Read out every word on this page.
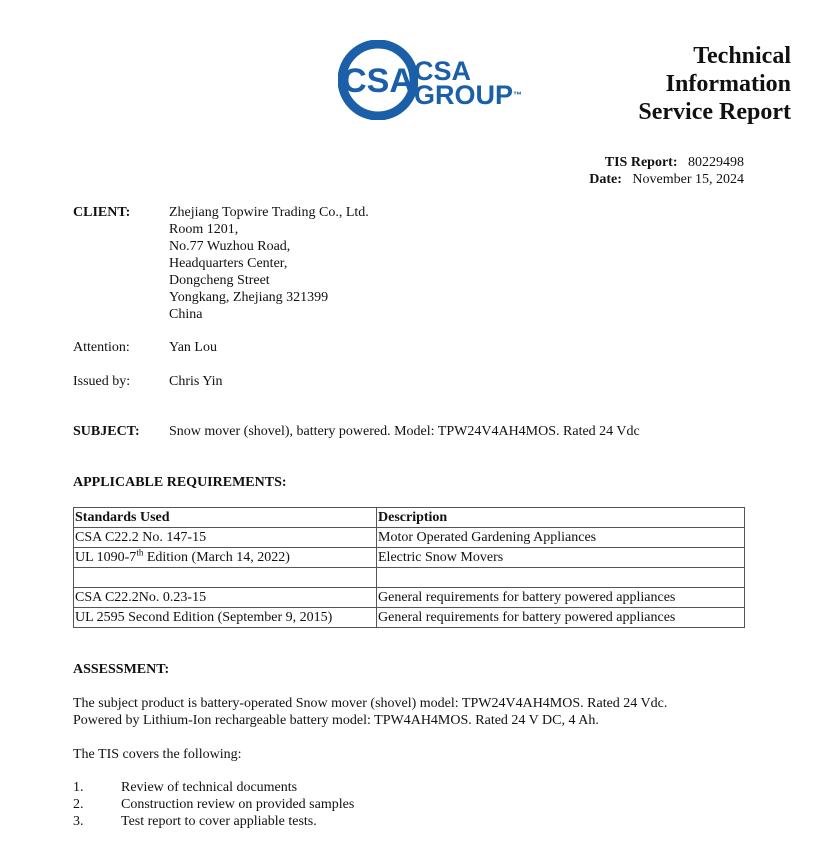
CSA CSA
GROUP™
Technical
Information
Service Report
TIS Report: 80229498
Date: November 15, 2024
CLIENT:	Zhejiang Topwire Trading Co., Ltd.
Room 1201,
No.77 Wuzhou Road,
Headquarters Center,
Dongcheng Street
Yongkang, Zhejiang 321399
China
Attention:	Yan Lou
Issued by:	Chris Yin
SUBJECT: Snow mover (shovel), battery powered. Model: TPW24V4AH4MOS. Rated 24 Vdc
APPLICABLE REQUIREMENTS:
Standards Used	Description
CSA C22.2 No. 147-15	Motor Operated Gardening Appliances
UL 1090-7th Edition (March 14, 2022)	Electric Snow Movers

CSA C22.2No. 0.23-15	General requirements for battery powered appliances
UL 2595 Second Edition (September 9, 2015)	General requirements for battery powered appliances
ASSESSMENT:
The subject product is battery-operated Snow mover (shovel) model: TPW24V4AH4MOS. Rated 24 Vdc.
Powered by Lithium-Ion rechargeable battery model: TPW4AH4MOS. Rated 24 V DC, 4 Ah.
The TIS covers the following:
1.	Review of technical documents
2.	Construction review on provided samples
3.	Test report to cover appliable tests.
